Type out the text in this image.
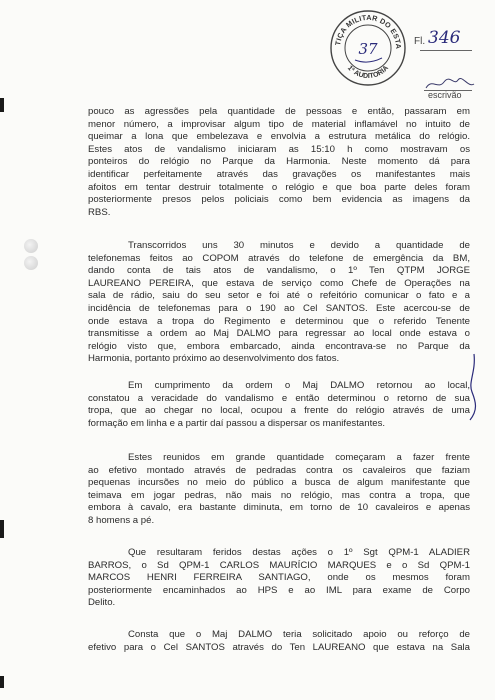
TIÇA MILITAR DO ESTA
1ª AUDITORIA
37	Fl. 346
escrivão
pouco as agressões pela quantidade de pessoas e então, passaram em
menor número, a improvisar algum tipo de material inflamável no intuito de
queimar a lona que embelezava e envolvia a estrutura metálica do relógio.
Estes atos de vandalismo iniciaram as 15:10 h como mostravam os
ponteiros do relógio no Parque da Harmonia. Neste momento dá para
identificar perfeitamente através das gravações os manifestantes mais
afoitos em tentar destruir totalmente o relógio e que boa parte deles foram
posteriormente presos pelos policiais como bem evidencia as imagens da
RBS.
Transcorridos uns 30 minutos e devido a quantidade de
telefonemas feitos ao COPOM através do telefone de emergência da BM,
dando conta de tais atos de vandalismo, o 1º Ten QTPM JORGE
LAUREANO PEREIRA, que estava de serviço como Chefe de Operações na
sala de rádio, saiu do seu setor e foi até o refeitório comunicar o fato e a
incidência de telefonemas para o 190 ao Cel SANTOS. Este acercou-se de
onde estava a tropa do Regimento e determinou que o referido Tenente
transmitisse a ordem ao Maj DALMO para regressar ao local onde estava o
relógio visto que, embora embarcado, ainda encontrava-se no Parque da
Harmonia, portanto próximo ao desenvolvimento dos fatos.
Em cumprimento da ordem o Maj DALMO retornou ao local,
constatou a veracidade do vandalismo e então determinou o retorno de sua
tropa, que ao chegar no local, ocupou a frente do relógio através de uma
formação em linha e a partir daí passou a dispersar os manifestantes.
Estes reunidos em grande quantidade começaram a fazer frente
ao efetivo montado através de pedradas contra os cavaleiros que faziam
pequenas incursões no meio do público a busca de algum manifestante que
teimava em jogar pedras, não mais no relógio, mas contra a tropa, que
embora à cavalo, era bastante diminuta, em torno de 10 cavaleiros e apenas
8 homens a pé.
Que resultaram feridos destas ações o 1º Sgt QPM-1 ALADIER
BARROS, o Sd QPM-1 CARLOS MAURÍCIO MARQUES e o Sd QPM-1
MARCOS HENRI FERREIRA SANTIAGO, onde os mesmos foram
posteriormente encaminhados ao HPS e ao IML para exame de Corpo
Delito.
Consta que o Maj DALMO teria solicitado apoio ou reforço de
efetivo para o Cel SANTOS através do Ten LAUREANO que estava na Sala
